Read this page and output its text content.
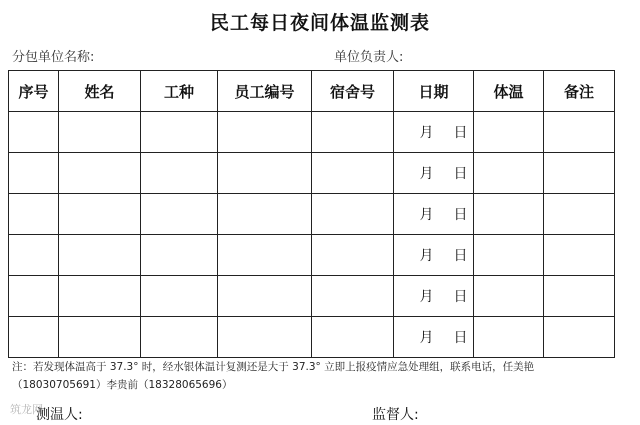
民工每日夜间体温监测表
分包单位名称:	单位负责人:
序号	姓名	工种	员工编号	宿舍号	日期	体温	备注
					月 日		
					月 日		
					月 日		
					月 日		
					月 日		
					月 日		
注：若发现体温高于 37.3° 时，经水银体温计复测还是大于 37.3° 立即上报疫情应急处理组，联系电话，任美艳
（18030705691）李贵前（18328065696）
筑龙网
测温人:	监督人:
